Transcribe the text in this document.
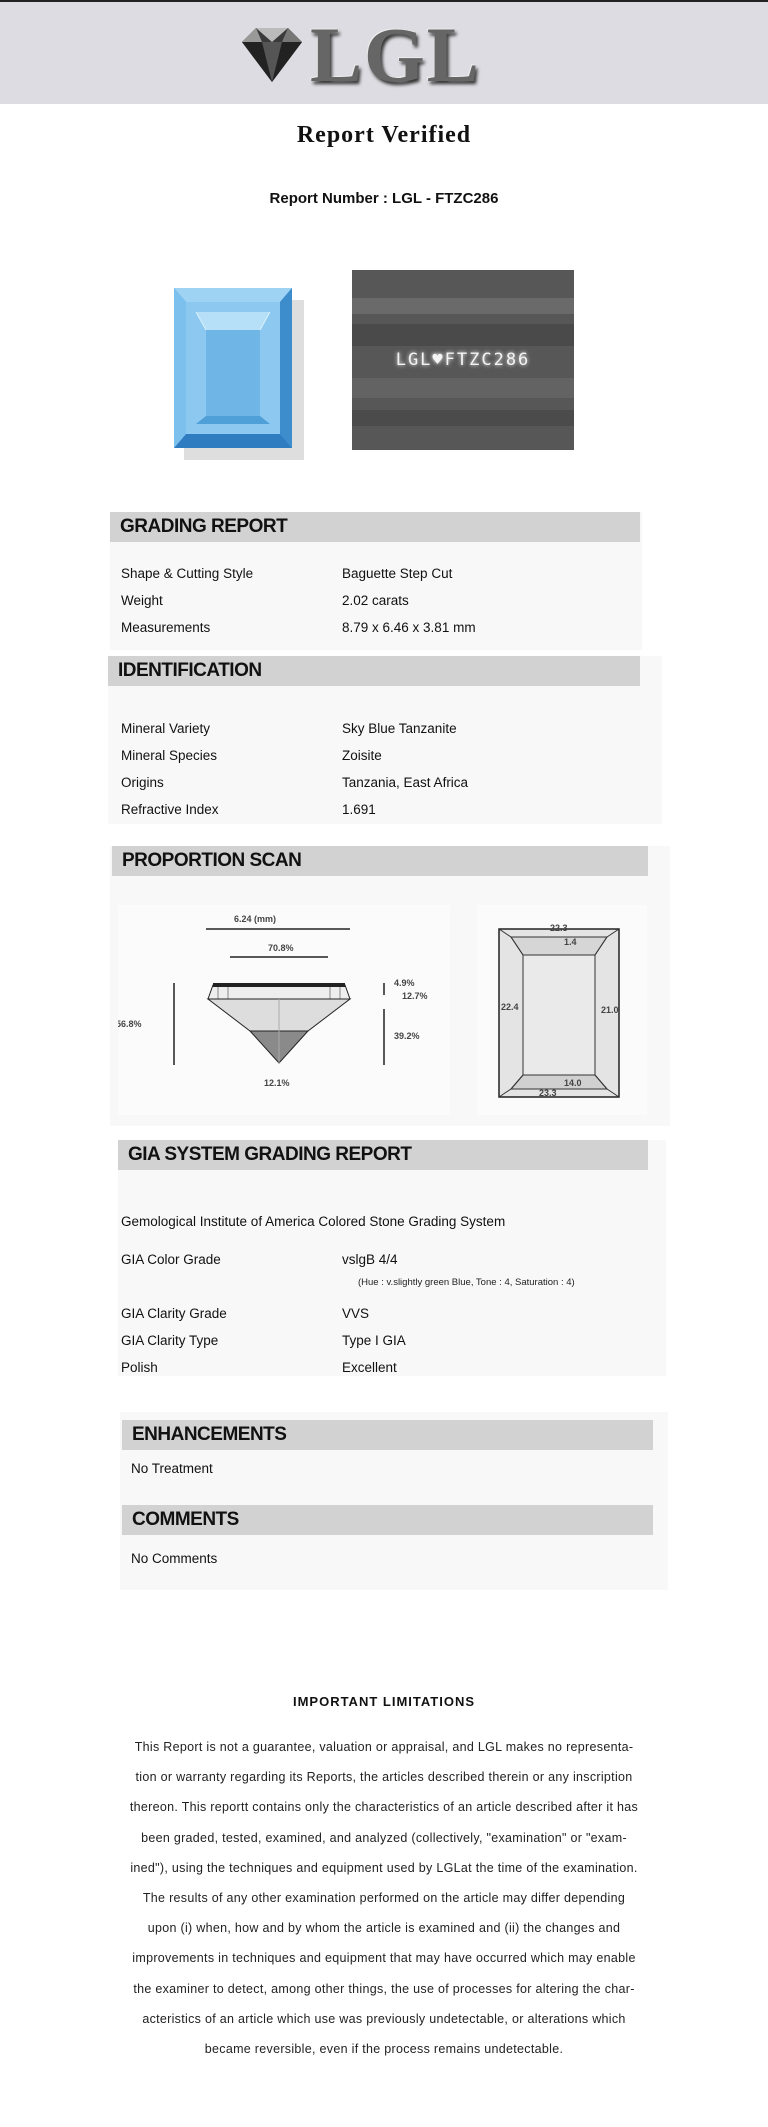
LGL
Report Verified
Report Number : LGL - FTZC286
LGL♥FTZC286
GRADING REPORT
Shape & Cutting Style	Baguette Step Cut
Weight	2.02 carats
Measurements	8.79 x 6.46 x 3.81 mm
IDENTIFICATION
Mineral Variety	Sky Blue Tanzanite
Mineral Species	Zoisite
Origins	Tanzania, East Africa
Refractive Index	1.691
PROPORTION SCAN
6.24 (mm)
70.8%
56.8%
4.9%
12.7%
39.2%
12.1%
22.3
1.4
22.4	21.0
14.0
23.3
GIA SYSTEM GRADING REPORT
Gemological Institute of America Colored Stone Grading System
GIA Color Grade	vslgB 4/4
(Hue : v.slightly green Blue, Tone : 4, Saturation : 4)
GIA Clarity Grade	VVS
GIA Clarity Type	Type I GIA
Polish	Excellent
ENHANCEMENTS
No Treatment
COMMENTS
No Comments
IMPORTANT LIMITATIONS
This Report is not a guarantee, valuation or appraisal, and LGL makes no representa-
tion or warranty regarding its Reports, the articles described therein or any inscription
thereon. This reportt contains only the characteristics of an article described after it has
been graded, tested, examined, and analyzed (collectively, "examination" or "exam-
ined"), using the techniques and equipment used by LGLat the time of the examination.
The results of any other examination performed on the article may differ depending
upon (i) when, how and by whom the article is examined and (ii) the changes and
improvements in techniques and equipment that may have occurred which may enable
the examiner to detect, among other things, the use of processes for altering the char-
acteristics of an article which use was previously undetectable, or alterations which
became reversible, even if the process remains undetectable.
